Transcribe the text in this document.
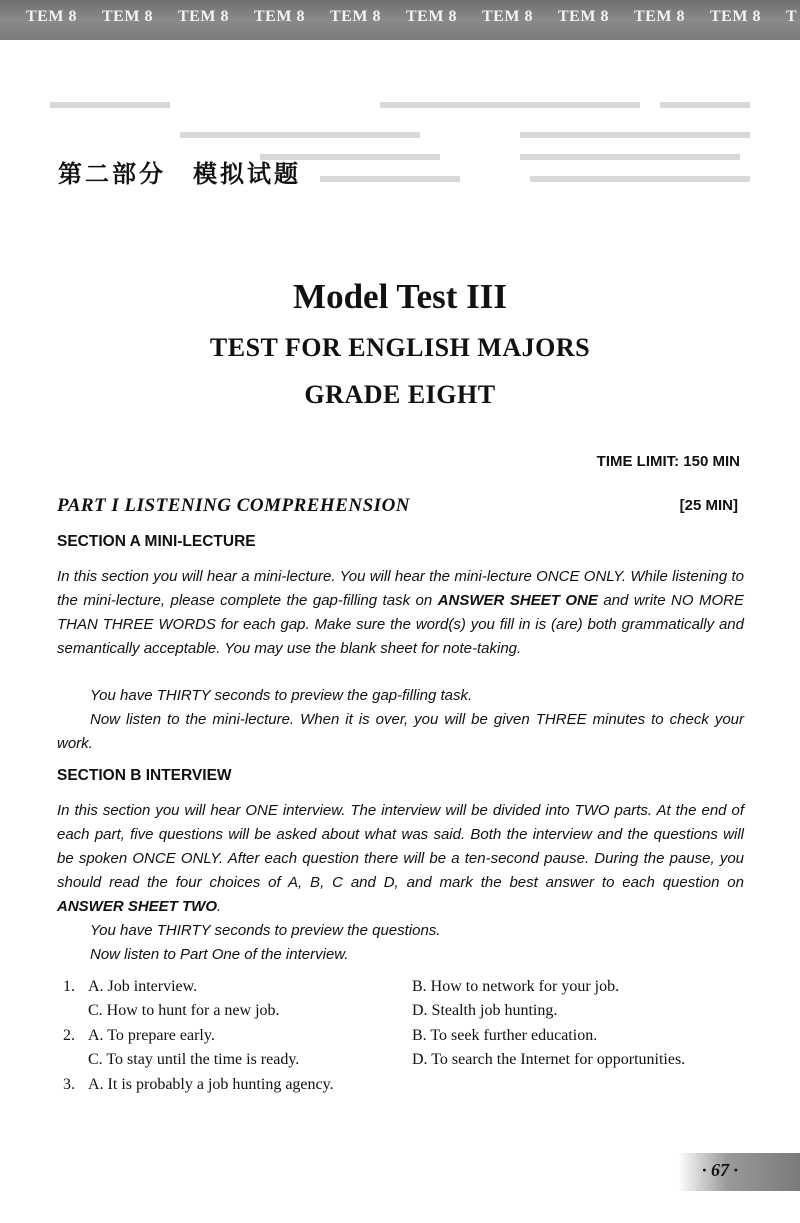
TEM 8 TEM 8 TEM 8 TEM 8 TEM 8 TEM 8 TEM 8 TEM 8 TEM 8 TEM 8 T
第二部分　模拟试题
Model Test III
TEST FOR ENGLISH MAJORS
GRADE EIGHT
TIME LIMIT: 150 MIN
PART I LISTENING COMPREHENSION	[25 MIN]
SECTION A MINI-LECTURE

In this section you will hear a mini-lecture. You will hear the mini-lecture ONCE ONLY. While listening to the mini-lecture, please complete the gap-filling task on ANSWER SHEET ONE and write NO MORE THAN THREE WORDS for each gap. Make sure the word(s) you fill in is (are) both grammatically and semantically acceptable. You may use the blank sheet for note-taking.

You have THIRTY seconds to preview the gap-filling task.

Now listen to the mini-lecture. When it is over, you will be given THREE minutes to check your work.

SECTION B INTERVIEW

In this section you will hear ONE interview. The interview will be divided into TWO parts. At the end of each part, five questions will be asked about what was said. Both the interview and the questions will be spoken ONCE ONLY. After each question there will be a ten-second pause. During the pause, you should read the four choices of A, B, C and D, and mark the best answer to each question on ANSWER SHEET TWO.

You have THIRTY seconds to preview the questions.

Now listen to Part One of the interview.

1. A. Job interview.	B. How to network for your job.
C. How to hunt for a new job.	D. Stealth job hunting.
2. A. To prepare early.	B. To seek further education.
C. To stay until the time is ready.	D. To search the Internet for opportunities.
3. A. It is probably a job hunting agency.
· 67 ·
